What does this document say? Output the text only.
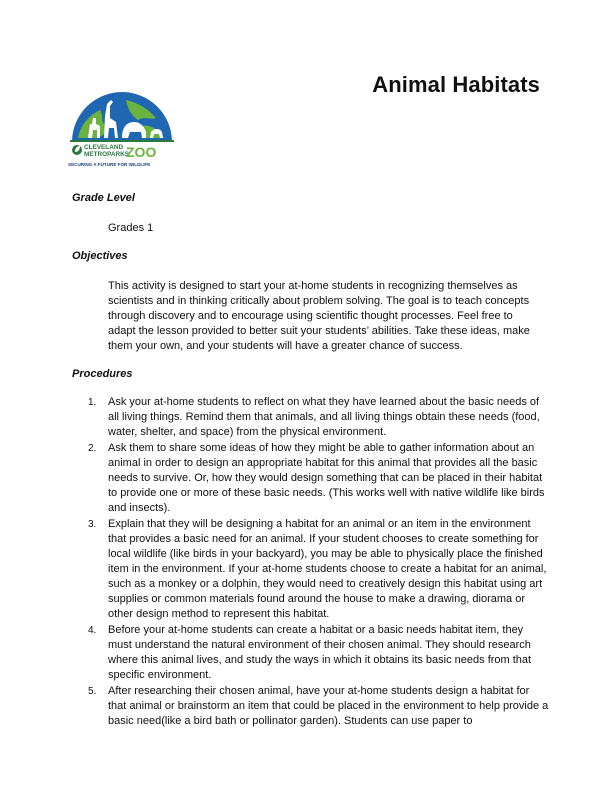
CLEVELAND
METROPARKS
ZOO
SECURING A FUTURE FOR WILDLIFE
Animal Habitats

Grade Level

Grades 1

Objectives

This activity is designed to start your at-home students in recognizing themselves as scientists and in thinking critically about problem solving. The goal is to teach concepts through discovery and to encourage using scientific thought processes. Feel free to adapt the lesson provided to better suit your students’ abilities. Take these ideas, make them your own, and your students will have a greater chance of success.

Procedures

1. Ask your at-home students to reflect on what they have learned about the basic needs of all living things. Remind them that animals, and all living things obtain these needs (food, water, shelter, and space) from the physical environment.
2. Ask them to share some ideas of how they might be able to gather information about an animal in order to design an appropriate habitat for this animal that provides all the basic needs to survive. Or, how they would design something that can be placed in their habitat to provide one or more of these basic needs. (This works well with native wildlife like birds and insects).
3. Explain that they will be designing a habitat for an animal or an item in the environment that provides a basic need for an animal. If your student chooses to create something for local wildlife (like birds in your backyard), you may be able to physically place the finished item in the environment. If your at-home students choose to create a habitat for an animal, such as a monkey or a dolphin, they would need to creatively design this habitat using art supplies or common materials found around the house to make a drawing, diorama or other design method to represent this habitat.
4. Before your at-home students can create a habitat or a basic needs habitat item, they must understand the natural environment of their chosen animal. They should research where this animal lives, and study the ways in which it obtains its basic needs from that specific environment.
5. After researching their chosen animal, have your at-home students design a habitat for that animal or brainstorm an item that could be placed in the environment to help provide a basic need(like a bird bath or pollinator garden). Students can use paper to
